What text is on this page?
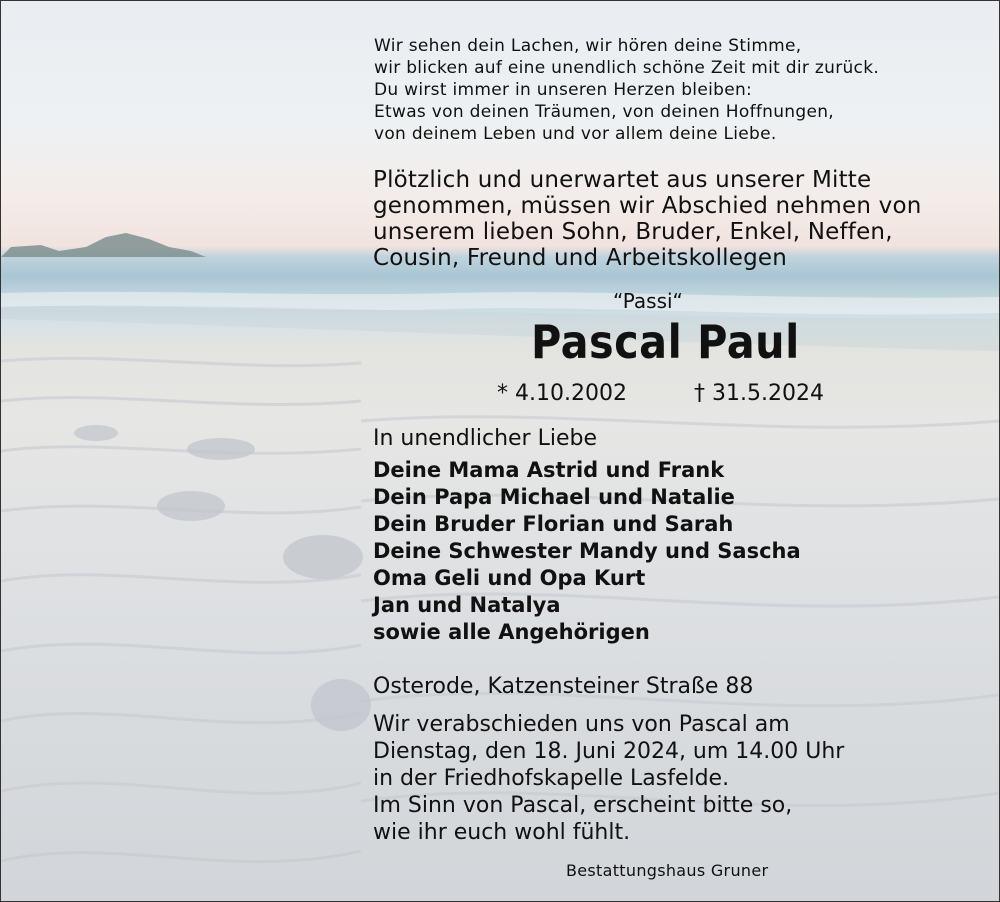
Wir sehen dein Lachen, wir hören deine Stimme,
wir blicken auf eine unendlich schöne Zeit mit dir zurück.
Du wirst immer in unseren Herzen bleiben:
Etwas von deinen Träumen, von deinen Hoffnungen,
von deinem Leben und vor allem deine Liebe.
Plötzlich und unerwartet aus unserer Mitte
genommen, müssen wir Abschied nehmen von
unserem lieben Sohn, Bruder, Enkel, Neffen,
Cousin, Freund und Arbeitskollegen
“Passi“
Pascal Paul
* 4.10.2002	† 31.5.2024
In unendlicher Liebe
Deine Mama Astrid und Frank
Dein Papa Michael und Natalie
Dein Bruder Florian und Sarah
Deine Schwester Mandy und Sascha
Oma Geli und Opa Kurt
Jan und Natalya
sowie alle Angehörigen
Osterode, Katzensteiner Straße 88
Wir verabschieden uns von Pascal am
Dienstag, den 18. Juni 2024, um 14.00 Uhr
in der Friedhofskapelle Lasfelde.
Im Sinn von Pascal, erscheint bitte so,
wie ihr euch wohl fühlt.
Bestattungshaus Gruner
